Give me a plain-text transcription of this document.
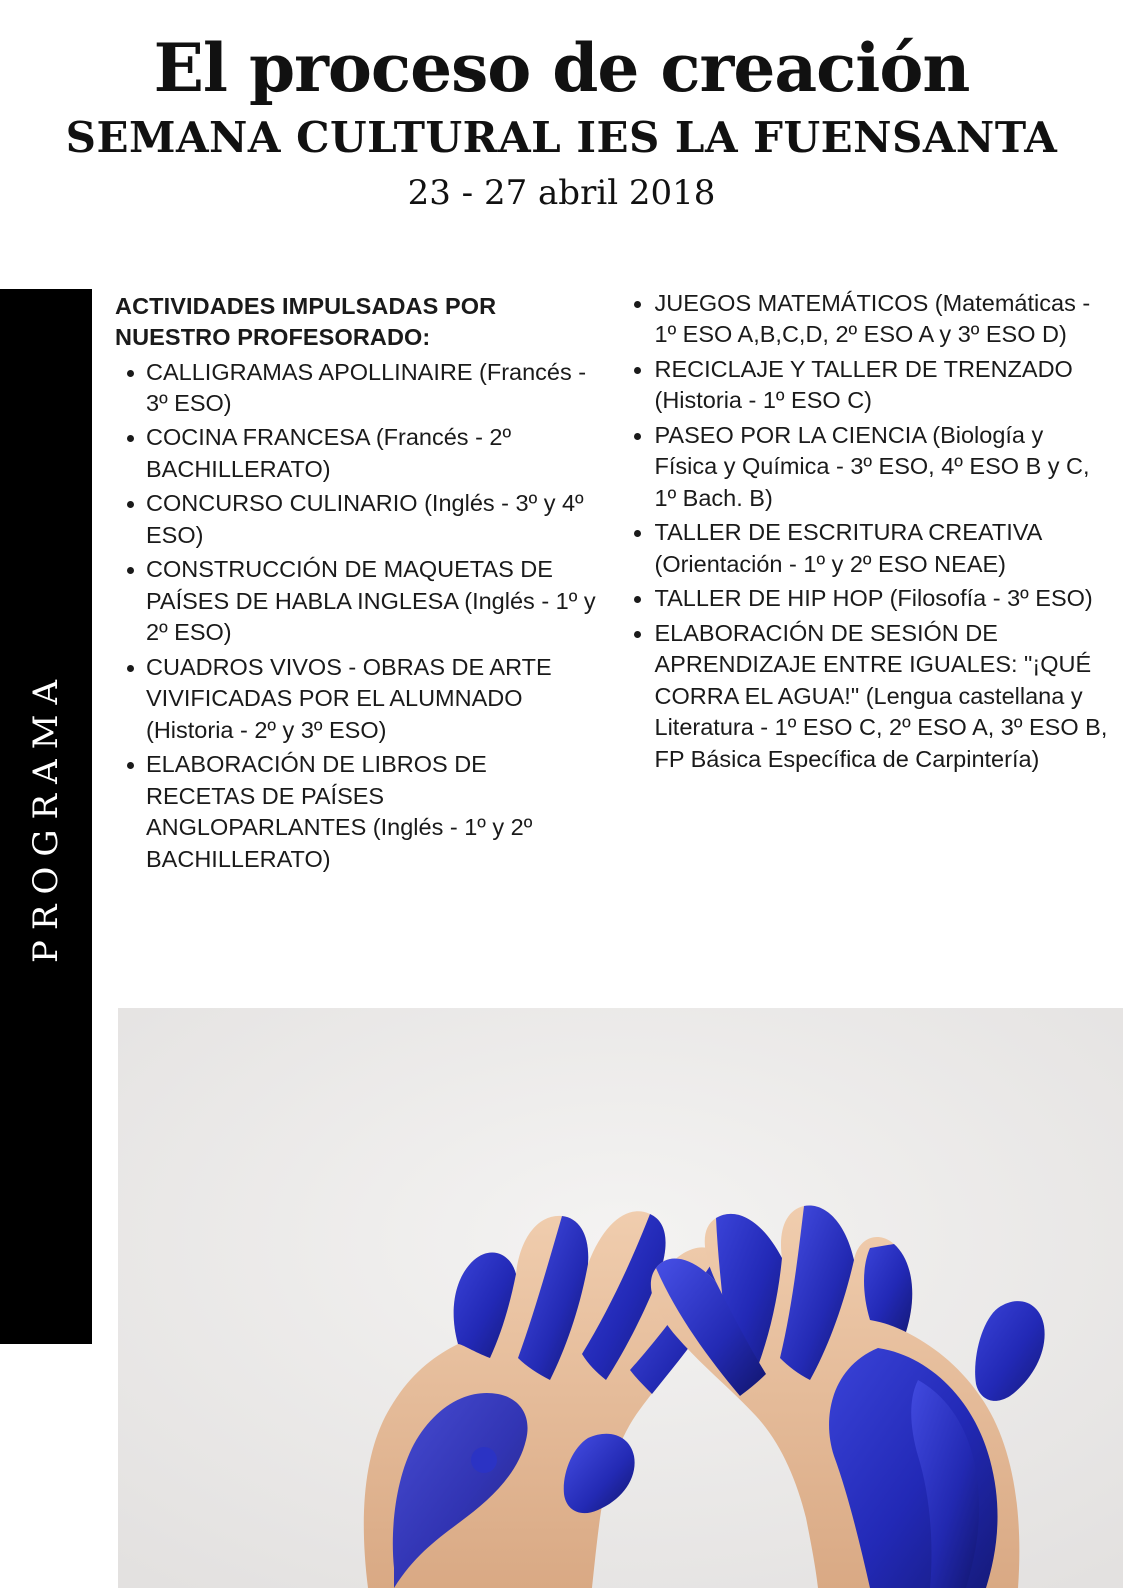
El proceso de creación
SEMANA CULTURAL IES LA FUENSANTA
23 - 27 abril 2018
PROGRAMA
ACTIVIDADES IMPULSADAS POR NUESTRO PROFESORADO:
CALLIGRAMAS APOLLINAIRE (Francés - 3º ESO)
COCINA FRANCESA (Francés - 2º BACHILLERATO)
CONCURSO CULINARIO (Inglés - 3º y 4º ESO)
CONSTRUCCIÓN DE MAQUETAS DE PAÍSES DE HABLA INGLESA (Inglés - 1º y 2º ESO)
CUADROS VIVOS - OBRAS DE ARTE VIVIFICADAS POR EL ALUMNADO (Historia - 2º y 3º ESO)
ELABORACIÓN DE LIBROS DE RECETAS DE PAÍSES ANGLOPARLANTES (Inglés - 1º y 2º BACHILLERATO)
JUEGOS MATEMÁTICOS (Matemáticas - 1º ESO A,B,C,D, 2º ESO A y 3º ESO D)
RECICLAJE Y TALLER DE TRENZADO (Historia - 1º ESO C)
PASEO POR LA CIENCIA (Biología y Física y Química - 3º ESO, 4º ESO B y C, 1º Bach. B)
TALLER DE ESCRITURA CREATIVA (Orientación - 1º y 2º ESO NEAE)
TALLER DE HIP HOP (Filosofía - 3º ESO)
ELABORACIÓN DE SESIÓN DE APRENDIZAJE ENTRE IGUALES: "¡QUÉ CORRA EL AGUA!" (Lengua castellana y Literatura - 1º ESO C, 2º ESO A, 3º ESO B, FP Básica Específica de Carpintería)
